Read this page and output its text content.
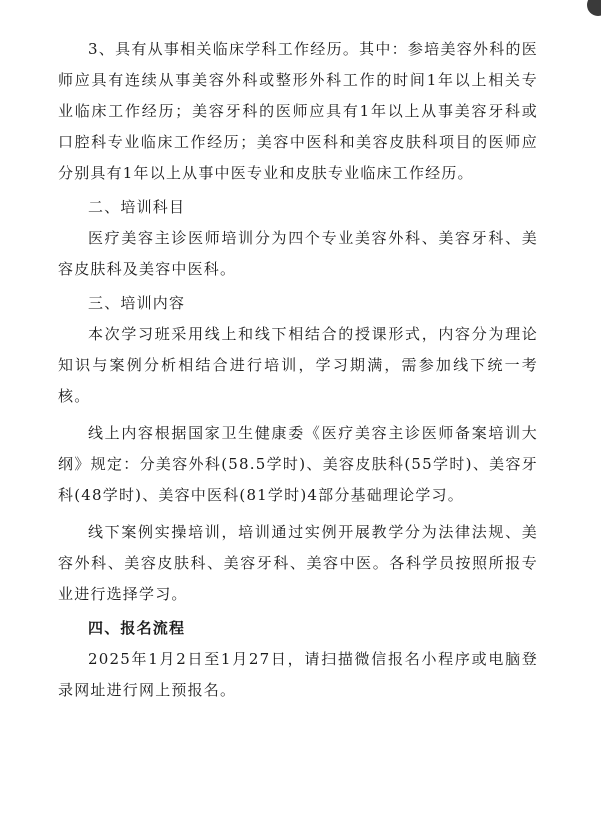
3、具有从事相关临床学科工作经历。其中：参培美容外科的医师应具有连续从事美容外科或整形外科工作的时间1年以上相关专业临床工作经历；美容牙科的医师应具有1年以上从事美容牙科或口腔科专业临床工作经历；美容中医科和美容皮肤科项目的医师应分别具有1年以上从事中医专业和皮肤专业临床工作经历。

二、培训科目

医疗美容主诊医师培训分为四个专业美容外科、美容牙科、美容皮肤科及美容中医科。

三、培训内容

本次学习班采用线上和线下相结合的授课形式，内容分为理论知识与案例分析相结合进行培训，学习期满，需参加线下统一考核。

线上内容根据国家卫生健康委《医疗美容主诊医师备案培训大纲》规定：分美容外科(58.5学时)、美容皮肤科(55学时)、美容牙科(48学时)、美容中医科(81学时)4部分基础理论学习。

线下案例实操培训，培训通过实例开展教学分为法律法规、美容外科、美容皮肤科、美容牙科、美容中医。各科学员按照所报专业进行选择学习。

四、报名流程

2025年1月2日至1月27日，请扫描微信报名小程序或电脑登录网址进行网上预报名。
